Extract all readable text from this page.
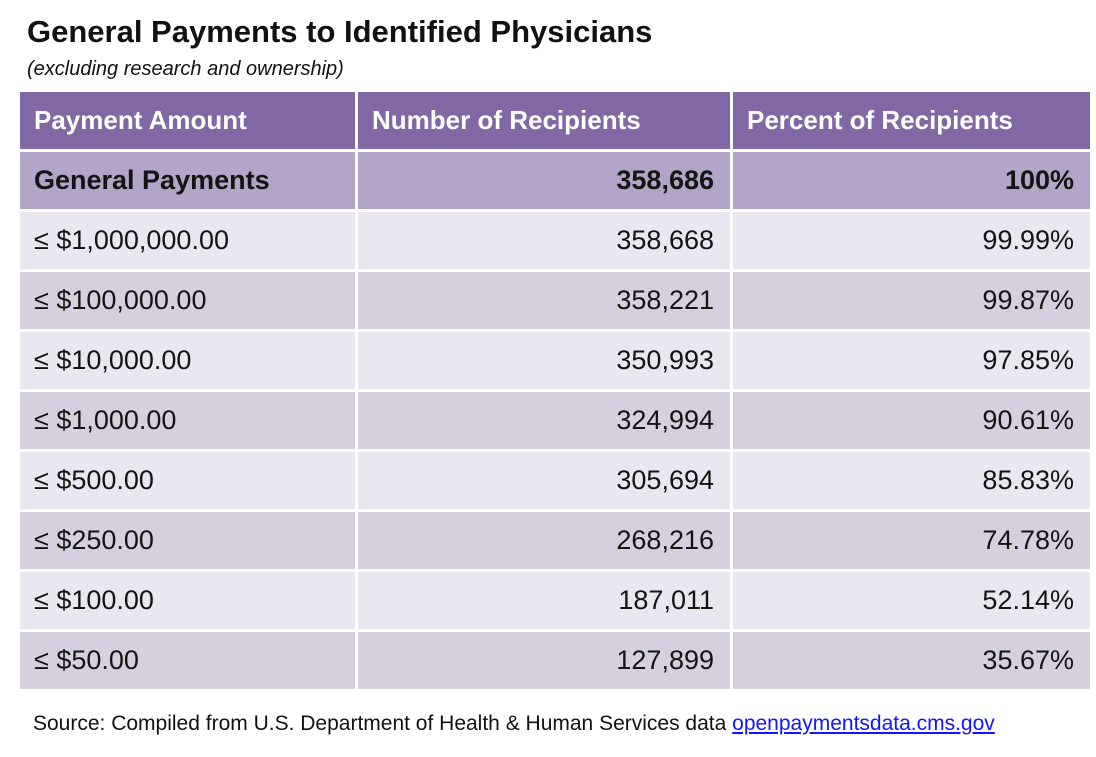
General Payments to Identified Physicians
(excluding research and ownership)
Payment Amount	Number of Recipients	Percent of Recipients
General Payments	358,686	100%
≤ $1,000,000.00	358,668	99.99%
≤ $100,000.00	358,221	99.87%
≤ $10,000.00	350,993	97.85%
≤ $1,000.00	324,994	90.61%
≤ $500.00	305,694	85.83%
≤ $250.00	268,216	74.78%
≤ $100.00	187,011	52.14%
≤ $50.00	127,899	35.67%
Source: Compiled from U.S. Department of Health & Human Services data openpaymentsdata.cms.gov
